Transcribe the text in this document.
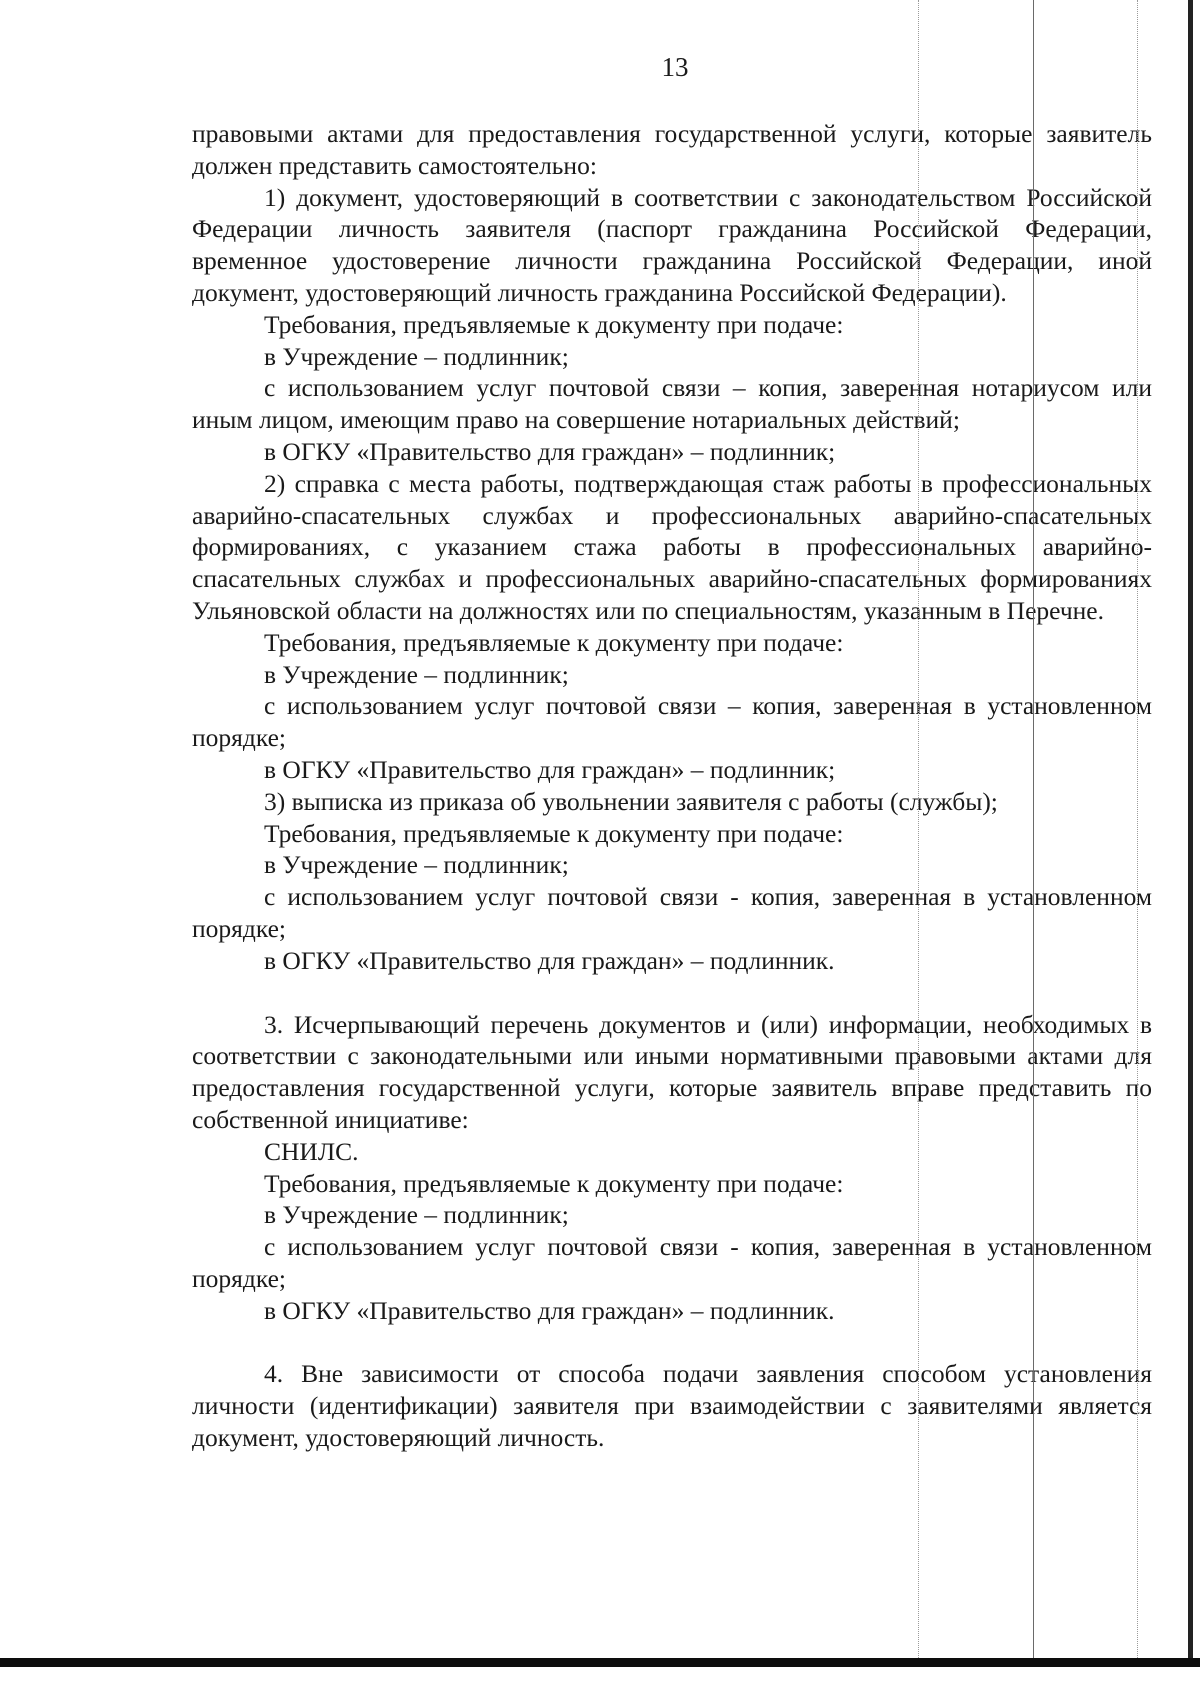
13

правовыми актами для предоставления государственной услуги, которые заявитель должен представить самостоятельно:

1) документ, удостоверяющий в соответствии с законодательством Российской Федерации личность заявителя (паспорт гражданина Российской Федерации, временное удостоверение личности гражданина Российской Федерации, иной документ, удостоверяющий личность гражданина Российской Федерации).

Требования, предъявляемые к документу при подаче:

в Учреждение – подлинник;

с использованием услуг почтовой связи – копия, заверенная нотариусом или иным лицом, имеющим право на совершение нотариальных действий;

в ОГКУ «Правительство для граждан» – подлинник;

2) справка с места работы, подтверждающая стаж работы в профессиональных аварийно-спасательных службах и профессиональных аварийно-спасательных формированиях, с указанием стажа работы в профессиональных аварийно-спасательных службах и профессиональных аварийно-спасательных формированиях Ульяновской области на должностях или по специальностям, указанным в Перечне.

Требования, предъявляемые к документу при подаче:

в Учреждение – подлинник;

с использованием услуг почтовой связи – копия, заверенная в установленном порядке;

в ОГКУ «Правительство для граждан» – подлинник;

3) выписка из приказа об увольнении заявителя с работы (службы);

Требования, предъявляемые к документу при подаче:

в Учреждение – подлинник;

с использованием услуг почтовой связи - копия, заверенная в установленном порядке;

в ОГКУ «Правительство для граждан» – подлинник.

3. Исчерпывающий перечень документов и (или) информации, необходимых в соответствии с законодательными или иными нормативными правовыми актами для предоставления государственной услуги, которые заявитель вправе представить по собственной инициативе:

СНИЛС.

Требования, предъявляемые к документу при подаче:

в Учреждение – подлинник;

с использованием услуг почтовой связи - копия, заверенная в установленном порядке;

в ОГКУ «Правительство для граждан» – подлинник.

4. Вне зависимости от способа подачи заявления способом установления личности (идентификации) заявителя при взаимодействии с заявителями является документ, удостоверяющий личность.
